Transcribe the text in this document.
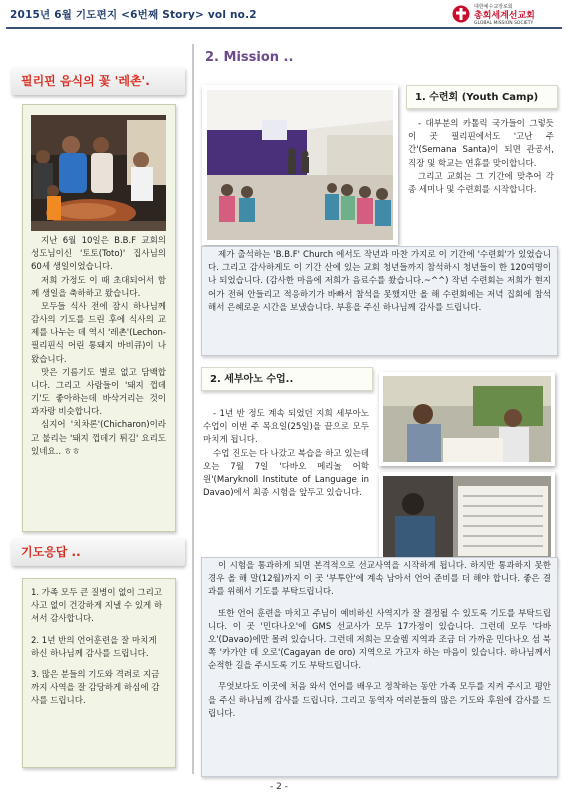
2015년 6월 기도편지 <6번째 Story> vol no.2
대한예수교장로회
총회세계선교회
GLOBAL MISSION SOCIETY
필리핀 음식의 꽃 '레촌'.

지난 6월 10일은 B.B.F 교회의 성도님이신 '토토(Toto)' 집사님의 60세 생일이었습니다.

저희 가정도 이 때 초대되어서 함께 생일을 축하하고 왔습니다.

모두들 식사 전에 잠시 하나님께 감사의 기도를 드린 후에 식사의 교제를 나누는 데 역시 '레촌'(Lechon-필리핀식 어린 통돼지 바비큐)이 나왔습니다.

맛은 기름기도 별로 없고 담백합니다. 그리고 사람들이 '돼지 껍데기'도 좋아하는데 바삭거리는 것이 과자랑 비슷합니다.

심지어 '치차론'(Chicharon)이라고 불리는 '돼지 껍데기 튀김' 요리도 있네요.. ㅎㅎ

기도응답 ..

1. 가족 모두 큰 질병이 없이 그리고 사고 없이 건강하게 지낼 수 있게 하셔서 감사합니다.

2. 1년 반의 언어훈련을 잘 마치게 하신 하나님께 감사를 드립니다.

3. 많은 분들의 기도와 격려로 지금까지 사역을 잘 감당하게 하심에 감사를 드립니다.

2. Mission ..
1. 수련회 (Youth Camp)

- 대부분의 카톨릭 국가들이 그렇듯 이 곳 필리핀에서도 '고난 주간'(Semana Santa)이 되면 관공서, 직장 및 학교는 연휴를 맞이합니다.

그리고 교회는 그 기간에 맞추어 각 종 세미나 및 수련회를 시작합니다.

제가 출석하는 'B.B.F' Church 에서도 작년과 마찬 가지로 이 기간에 '수련회'가 있었습니다. 그리고 감사하게도 이 기간 산에 있는 교회 청년들까지 참석하시 청년들이 한 120여명이나 되었습니다. (감사한 마음에 저희가 음료수를 쐈습니다.~^^) 작년 수련회는 저희가 현지어가 전혀 안들리고 적응하기가 바빠서 참석을 못했지만 올 해 수련회에는 저녁 집회에 참석해서 은혜로운 시간을 보냈습니다. 부흥을 주신 하나님께 감사를 드립니다.

2. 세부아노 수업..

- 1년 반 정도 계속 되었던 지희 세부아노 수업이 이번 주 목요일(25일)을 끝으로 모두 마치게 됩니다.

수업 진도는 다 나갔고 복습을 하고 있는데 오는 7월 7일 '다바오 메리놀 어학원'(Maryknoll Institute of Language in Davao)에서 최종 시험을 앞두고 있습니다.

이 시험을 통과하게 되면 본격적으로 선교사역을 시작하게 됩니다. 하지만 통과하지 못한 경우 올 해 말(12월)까지 이 곳 '부투안'에 계속 남아서 언어 준비를 더 해야 합니다. 좋은 결과를 위해서 기도를 부탁드립니다.

또한 언어 훈련을 마치고 주님이 예비하신 사역지가 잘 결정될 수 있도록 기도를 부탁드립니다. 이 곳 '민다나오'에 GMS 선교사가 모두 17가정이 있습니다. 그런데 모두 '다바오'(Davao)에만 몰려 있습니다. 그런데 저희는 모슬렘 지역과 조금 더 가까운 민다나오 섬 북쪽 '카가얀 데 오로'(Cagayan de oro) 지역으로 가고자 하는 마음이 있습니다. 하나님께서 순적한 길을 주시도록 기도 부탁드립니다.

무엇보다도 이곳에 처음 와서 언어를 배우고 정착하는 동안 가족 모두를 지켜 주시고 평안을 주신 하나님께 감사를 드립니다. 그리고 동역자 여러분들의 많은 기도와 후원에 감사를 드립니다.

- 2 -
